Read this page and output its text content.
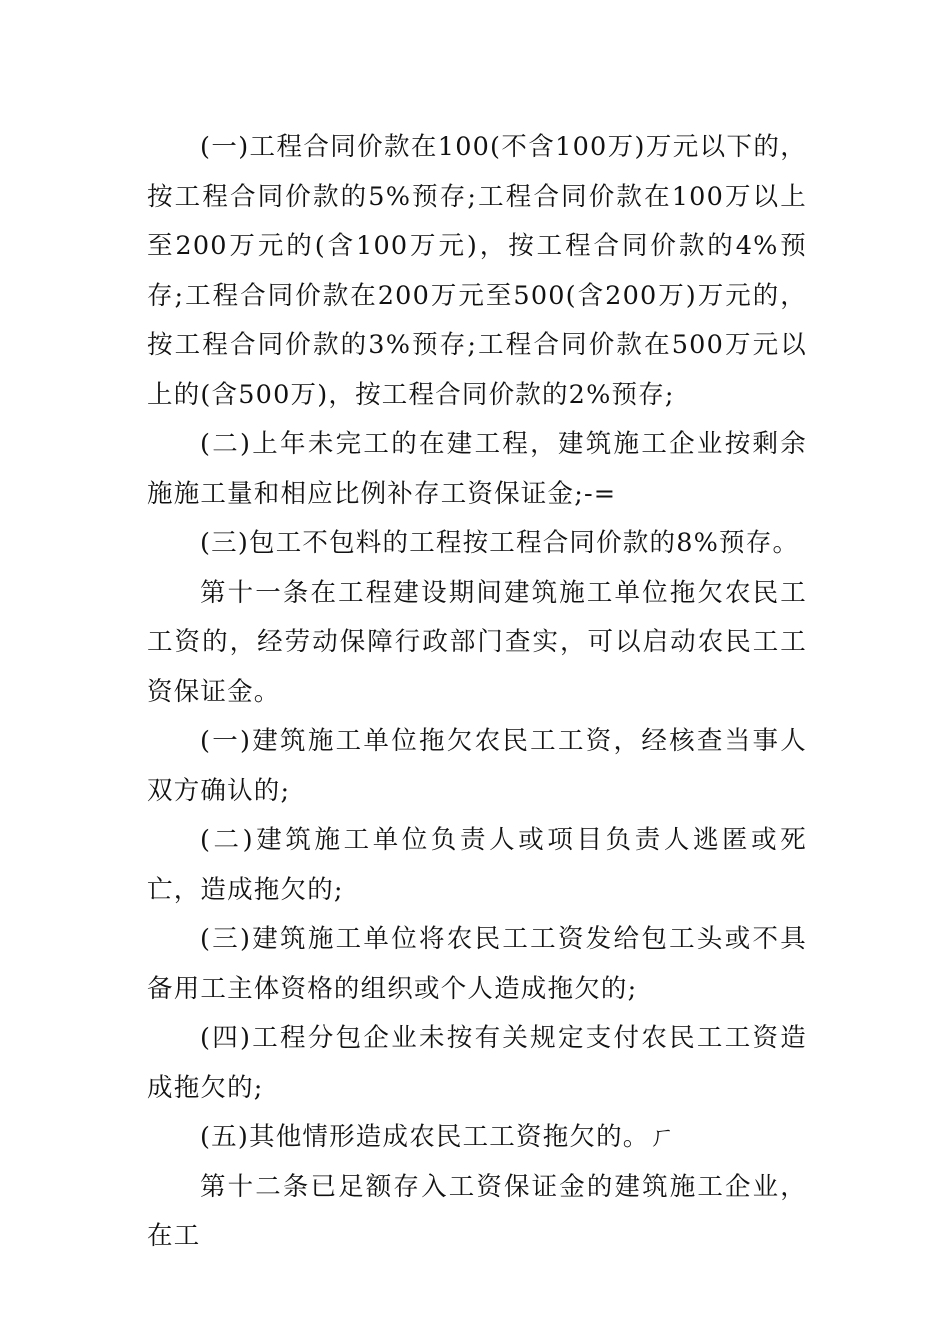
(一)工程合同价款在100(不含100万)万元以下的，按工程合同价款的5%预存;工程合同价款在100万以上至200万元的(含100万元)，按工程合同价款的4%预存;工程合同价款在200万元至500(含200万)万元的，按工程合同价款的3%预存;工程合同价款在500万元以上的(含500万)，按工程合同价款的2%预存;

(二)上年未完工的在建工程，建筑施工企业按剩余施施工量和相应比例补存工资保证金;-=

(三)包工不包料的工程按工程合同价款的8%预存。

第十一条在工程建设期间建筑施工单位拖欠农民工工资的，经劳动保障行政部门查实，可以启动农民工工资保证金。

(一)建筑施工单位拖欠农民工工资，经核查当事人双方确认的;

(二)建筑施工单位负责人或项目负责人逃匿或死亡，造成拖欠的;

(三)建筑施工单位将农民工工资发给包工头或不具备用工主体资格的组织或个人造成拖欠的;

(四)工程分包企业未按有关规定支付农民工工资造成拖欠的;

(五)其他情形造成农民工工资拖欠的。ㄏ

第十二条已足额存入工资保证金的建筑施工企业，在工
